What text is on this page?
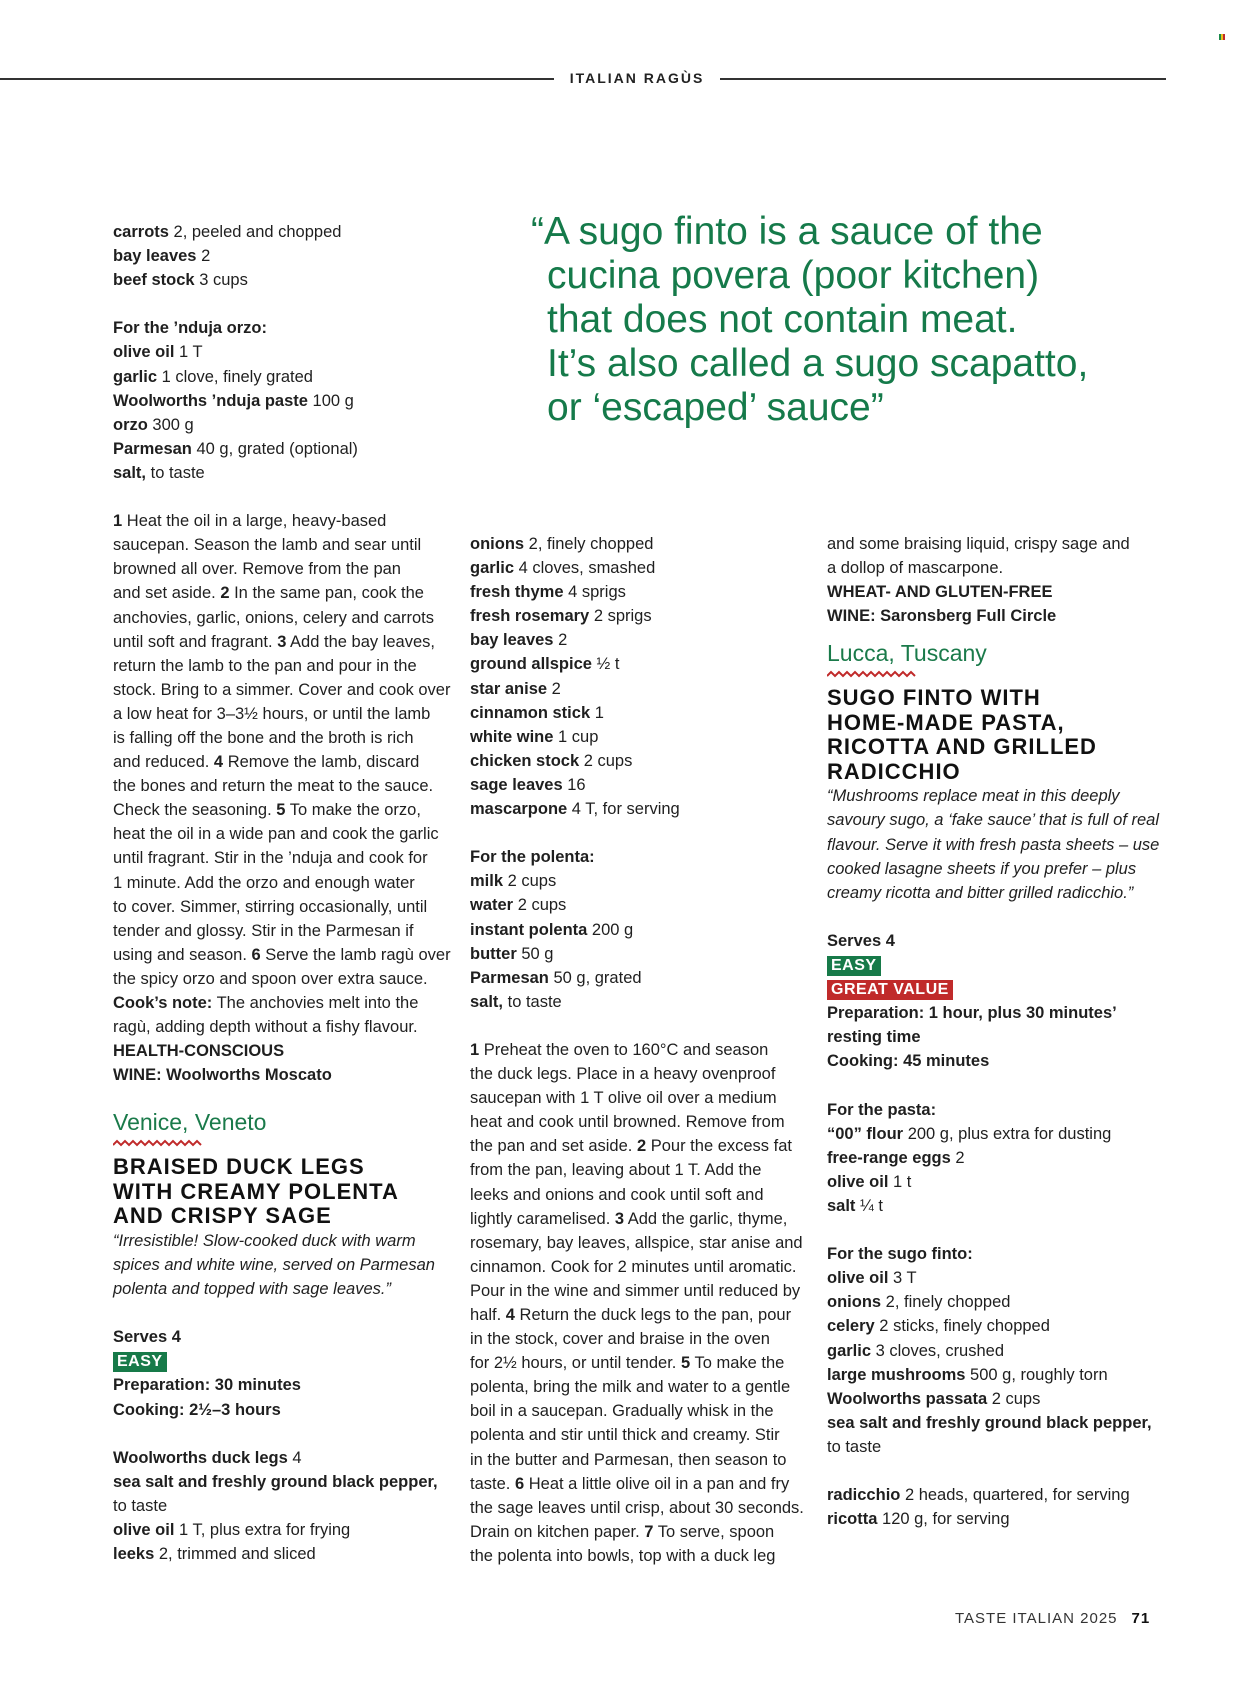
ITALIAN RAGÙS
“A sugo finto is a sauce of the
cucina povera (poor kitchen)
that does not contain meat.
It’s also called a sugo scapatto,
or ‘escaped’ sauce”

carrots 2, peeled and chopped

bay leaves 2

beef stock 3 cups

For the ’nduja orzo:

olive oil 1 T

garlic 1 clove, finely grated

Woolworths ’nduja paste 100 g

orzo 300 g

Parmesan 40 g, grated (optional)

salt, to taste

1 Heat the oil in a large, heavy-based

saucepan. Season the lamb and sear until

browned all over. Remove from the pan

and set aside. 2 In the same pan, cook the

anchovies, garlic, onions, celery and carrots

until soft and fragrant. 3 Add the bay leaves,

return the lamb to the pan and pour in the

stock. Bring to a simmer. Cover and cook over

a low heat for 3–3½ hours, or until the lamb

is falling off the bone and the broth is rich

and reduced. 4 Remove the lamb, discard

the bones and return the meat to the sauce.

Check the seasoning. 5 To make the orzo,

heat the oil in a wide pan and cook the garlic

until fragrant. Stir in the ’nduja and cook for

1 minute. Add the orzo and enough water

to cover. Simmer, stirring occasionally, until

tender and glossy. Stir in the Parmesan if

using and season. 6 Serve the lamb ragù over

the spicy orzo and spoon over extra sauce.

Cook’s note: The anchovies melt into the

ragù, adding depth without a fishy flavour.

HEALTH-CONSCIOUS

WINE: Woolworths Moscato

Venice, Veneto
BRAISED DUCK LEGS
WITH CREAMY POLENTA
AND CRISPY SAGE

“Irresistible! Slow-cooked duck with warm

spices and white wine, served on Parmesan

polenta and topped with sage leaves.”

Serves 4

EASY

Preparation: 30 minutes

Cooking: 2½–3 hours

Woolworths duck legs 4

sea salt and freshly ground black pepper,

to taste

olive oil 1 T, plus extra for frying

leeks 2, trimmed and sliced

onions 2, finely chopped

garlic 4 cloves, smashed

fresh thyme 4 sprigs

fresh rosemary 2 sprigs

bay leaves 2

ground allspice ½ t

star anise 2

cinnamon stick 1

white wine 1 cup

chicken stock 2 cups

sage leaves 16

mascarpone 4 T, for serving

For the polenta:

milk 2 cups

water 2 cups

instant polenta 200 g

butter 50 g

Parmesan 50 g, grated

salt, to taste

1 Preheat the oven to 160°C and season

the duck legs. Place in a heavy ovenproof

saucepan with 1 T olive oil over a medium

heat and cook until browned. Remove from

the pan and set aside. 2 Pour the excess fat

from the pan, leaving about 1 T. Add the

leeks and onions and cook until soft and

lightly caramelised. 3 Add the garlic, thyme,

rosemary, bay leaves, allspice, star anise and

cinnamon. Cook for 2 minutes until aromatic.

Pour in the wine and simmer until reduced by

half. 4 Return the duck legs to the pan, pour

in the stock, cover and braise in the oven

for 2½ hours, or until tender. 5 To make the

polenta, bring the milk and water to a gentle

boil in a saucepan. Gradually whisk in the

polenta and stir until thick and creamy. Stir

in the butter and Parmesan, then season to

taste. 6 Heat a little olive oil in a pan and fry

the sage leaves until crisp, about 30 seconds.

Drain on kitchen paper. 7 To serve, spoon

the polenta into bowls, top with a duck leg

and some braising liquid, crispy sage and

a dollop of mascarpone.

WHEAT- AND GLUTEN-FREE

WINE: Saronsberg Full Circle

Lucca, Tuscany
SUGO FINTO WITH
HOME-MADE PASTA,
RICOTTA AND GRILLED
RADICCHIO

“Mushrooms replace meat in this deeply

savoury sugo, a ‘fake sauce’ that is full of real

flavour. Serve it with fresh pasta sheets – use

cooked lasagne sheets if you prefer – plus

creamy ricotta and bitter grilled radicchio.”

Serves 4

EASY

GREAT VALUE

Preparation: 1 hour, plus 30 minutes’

resting time

Cooking: 45 minutes

For the pasta:

“00” flour 200 g, plus extra for dusting

free-range eggs 2

olive oil 1 t

salt ¼ t

For the sugo finto:

olive oil 3 T

onions 2, finely chopped

celery 2 sticks, finely chopped

garlic 3 cloves, crushed

large mushrooms 500 g, roughly torn

Woolworths passata 2 cups

sea salt and freshly ground black pepper,

to taste

radicchio 2 heads, quartered, for serving

ricotta 120 g, for serving

TASTE ITALIAN 2025 71
